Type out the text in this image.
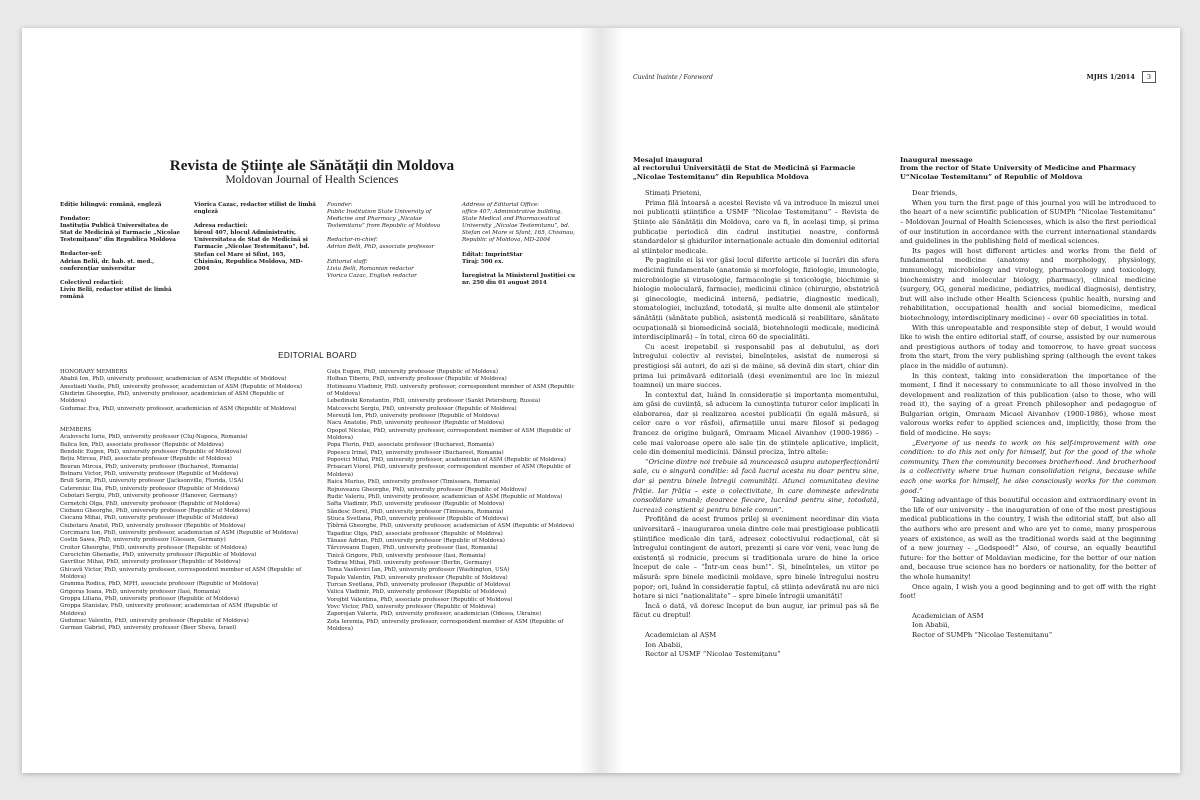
Revista de Științe ale Sănătății din Moldova
Moldovan Journal of Health Sciences

Ediție bilingvă: română, engleză

Fondator:
Instituția Publică Universitatea de Stat de Medicină și Farmacie „Nicolae Testemițanu” din Republica Moldova

Redactor-șef:
Adrian Belîi, dr. hab. șt. med., conferențiar universitar

Colectivul redacției:
Liviu Belîi, redactor stilist de limbă română

Viorica Cazac, redactor stilist de limbă engleză

Adresa redacției:
biroul 407, blocul Administrativ, Universitatea de Stat de Medicină și Farmacie „Nicolae Testemițanu”, bd. Ștefan cel Mare și Sfînt, 165, Chișinău, Republica Moldova, MD-2004

Founder:
Public Institution State University of Medicine and Pharmacy „Nicolae Testemitanu” from Republic of Moldova

Redactor-in-chief:
Adrian Belîi, PhD, associate professor

Editorial staff:
Liviu Belîi, Romanian redactor
Viorica Cazac, English redactor

Address of Editorial Office:
office 407; Administrative building, State Medical and Pharmaceutical University „Nicolae Testemitanu”, bd. Stefan cel Mare si Sfant, 165, Chisinau, Republic of Moldova, MD-2004

Editat: ImprintStar
Tiraj: 500 ex.

Înregistrat la Ministerul Justiției cu nr. 250 din 01 august 2014

EDITORIAL BOARD

HONORARY MEMBERS

Ababii Ion, PhD, university professor, academician of ASM (Republic of Moldova)

Anestiadi Vasile, PhD, university professor, academician of ASM (Republic of Moldova)

Ghidirim Gheorghe, PhD, university professor, academician of ASM (Republic of Moldova)

Gudumac Eva, PhD, university professor, academician of ASM (Republic of Moldova)

MEMBERS

Acalovschi Iurie, PhD, university professor (Cluj-Napoca, Romania)

Balica Ion, PhD, associate professor (Republic of Moldova)

Bendelic Eugen, PhD, university professor (Republic of Moldova)

Bețiu Mircea, PhD, associate professor (Republic of Moldova)

Beuran Mircea, PhD, university professor (Bucharest, Romania)

Botnaru Victor, PhD, university professor (Republic of Moldova)

Bruli Sorin, PhD, university professor (Jacksonville, Florida, USA)

Catereniuc Ilia, PhD, university professor (Republic of Moldova)

Cebotari Sergiu, PhD, university professor (Hanover, Germany)

Cernețchi Olga, PhD, university professor (Republic of Moldova)

Ciobanu Gheorghe, PhD, university professor (Republic of Moldova)

Ciocanu Mihai, PhD, university professor (Republic of Moldova)

Ciubotaru Anatol, PhD, university professor (Republic of Moldova)

Corcimaru Ion, PhD, university professor, academician of ASM (Republic of Moldova)

Costin Sawa, PhD, university professor (Giessen, Germany)

Croitor Gheorghe, PhD, university professor (Republic of Moldova)

Curocichin Ghenadie, PhD, university professor (Republic of Moldova)

Gavriliuc Mihai, PhD, university professor (Republic of Moldova)

Ghicavîi Victor, PhD, university professor, correspondent member of ASM (Republic of Moldova)

Gramma Rodica, PhD, MPH, associate professor (Republic of Moldova)

Grigoraș Ioana, PhD, university professor (Iasi, Romania)

Groppa Liliana, PhD, university professor (Republic of Moldova)

Groppa Stanislav, PhD, university professor, academician of ASM (Republic of Moldova)

Gudumac Valentin, PhD, university professor (Republic of Moldova)

Gurman Gabriel, PhD, university professor (Beer Sheva, Israel)

Guțu Eugen, PhD, university professor (Republic of Moldova)

Holban Tiberiu, PhD, university professor (Republic of Moldova)

Hotineanu Vladimir, PhD, university professor, correspondent member of ASM (Republic of Moldova)

Lebedinski Konstantin, PhD, university professor (Sankt Petersburg, Russia)

Matcovschi Sergiu, PhD, university professor (Republic of Moldova)

Mereuță Ion, PhD, university professor (Republic of Moldova)

Nacu Anatolie, PhD, university professor (Republic of Moldova)

Opopol Nicolae, PhD, university professor, correspondent member of ASM (Republic of Moldova)

Popa Florin, PhD, associate professor (Bucharest, Romania)

Popescu Irinel, PhD, university professor (Bucharest, Romania)

Popovici Mihai, PhD, university professor, academician of ASM (Republic of Moldova)

Prisacari Viorel, PhD, university professor, correspondent member of ASM (Republic of Moldova)

Raica Marius, PhD, university professor (Timisoara, Romania)

Rojnoveanu Gheorghe, PhD, university professor (Republic of Moldova)

Rudic Valeriu, PhD, university professor, academician of ASM (Republic of Moldova)

Safta Vladimir, PhD, university professor (Republic of Moldova)

Săndesc Dorel, PhD, university professor (Timisoara, Romania)

Știuca Svetlana, PhD, university professor (Republic of Moldova)

Țîbîrnă Gheorghe, PhD, university professor, academician of ASM (Republic of Moldova)

Tagadiuc Olga, PhD, associate professor (Republic of Moldova)

Tănase Adrian, PhD, university professor (Republic of Moldova)

Tărcoveanu Eugen, PhD, university professor (Iasi, Romania)

Tinică Grigore, PhD, university professor (Iasi, Romania)

Todiraș Mihai, PhD, university professor (Berlin, Germany)

Toma Vasilovici Ian, PhD, university professor (Washington, USA)

Topalo Valentin, PhD, university professor (Republic of Moldova)

Țurcan Svetlana, PhD, university professor (Republic of Moldova)

Valica Vladimir, PhD, university professor (Republic of Moldova)

Vorojbit Valentina, PhD, associate professor (Republic of Moldova)

Vovc Victor, PhD, university professor (Republic of Moldova)

Zaporojan Valeriu, PhD, university professor, academician (Odessa, Ukraine)

Zota Ieremia, PhD, university professor, correspondent member of ASM (Republic of Moldova)

Cuvânt înainte / Foreword	MJHS 1/2014	3
Mesajul inaugural
al rectorului Universității de Stat de Medicină și Farmacie
„Nicolae Testemițanu” din Republica Moldova

Stimați Prieteni,

Prima filă întoarsă a acestei Reviste vă va introduce în miezul unei noi publicații științifice a USMF “Nicolae Testemițanu” – Revista de Științe ale Sănătății din Moldova, care va fi, în același timp, și prima publicație periodică din cadrul instituției noastre, conformă standardelor și ghidurilor internaționale actuale din domeniul editorial al științelor medicale.

Pe paginile ei își vor găsi locul diferite articole și lucrări din sfera medicinii fundamentale (anatomie și morfologie, fiziologie, imunologie, microbiologie și virusologie, farmacologie și toxicologie, biochimie și biologie moleculară, farmacie), medicinii clinice (chirurgie, obstetrică și ginecologie, medicină internă, pediatrie, diagnostic medical), stomatologiei, incluzând, totodată, și multe alte domenii ale științelor sănătății (sănătate publică, asistență medicală și reabilitare, sănătate ocupațională și biomedicină socială, biotehnologii medicale, medicină interdisciplinară) – în total, circa 60 de specialități.

Cu acest irepetabil și responsabil pas al debutului, aș dori întregului colectiv al revistei, bineînțeles, asistat de numeroși și prestigioși săi autori, de azi și de mâine, să devină din start, chiar din prima lui primăvară editorială (deși evenimentul are loc în miezul toamnei) un mare succes.

În contextul dat, luând în considerație și importanța momentului, am găsi de cuviință, să aducem la cunoștința tuturor celor implicați în elaborarea, dar și realizarea acestei publicații (în egală măsură, și celor care o vor răsfoi), afirmațiile unui mare filosof și pedagog francez de origine bulgară, Omraam Micael Aivanhov (1900-1986) – cele mai valoroase opere ale sale țin de științele aplicative, implicit, cele din domeniul medicinii. Dânsul preciza, între altele:

“Oricine dintre noi trebuie să muncească asupra autoperfecționării sale, cu o singură condiție: să facă lucrul acesta nu doar pentru sine, dar și pentru binele întregii comunități. Atunci comunitatea devine frăție. Iar frăția – este o colectivitate, în care domnește adevărata consolidare umană; deoarece fiecare, lucrând pentru sine, totodată, lucrează conștient și pentru binele comun”.

Profitând de acest frumos prilej și eveniment neordinar din viața universitară – inaugurarea uneia dintre cele mai prestigioase publicații științifice medicale din țară, adresez colectivului redacțional, cât și întregului contingent de autori, prezenți și care vor veni, veac lung de existență și rodnicie, precum și tradiționala urare de bine la orice început de cale – “Într-un ceas bun!”. Și, bineînțeles, un viitor pe măsură: spre binele medicinii moldave, spre binele întregului nostru popor; ori, luând în considerație faptul, că știința adevărată nu are nici hotare și nici “naționalitate” – spre binele întregii umanități!

Încă o dată, vă doresc început de bun augur, iar primul pas să fie făcut cu dreptul!

Academician al AȘM
Ion Ababii,
Rector al USMF “Nicolae Testemițanu”
Inaugural message
from the rector of State University of Medicine and Pharmacy
U“Nicolae Testemitanu” of Republic of Moldova

Dear friends,

When you turn the first page of this journal you will be introduced to the heart of a new scientific publication of SUMPh “Nicolae Testemitanu” – Moldovan Journal of Health Scienceses, which is also the first periodical of our institution in accordance with the current international standards and guidelines in the publishing field of medical sciences.

Its pages will host different articles and works from the field of fundamental medicine (anatomy and morphology, physiology, immunology, microbiology and virology, pharmacology and toxicology, biochemistry and molecular biology, pharmacy), clinical medicine (surgery, OG, general medicine, pediatrics, medical diagnosis), dentistry, but will also include other Health Sciencess (public health, nursing and rehabilitation, occupational health and social biomedicine, medical biotechnology, interdisciplinary medicine) – over 60 specialities in total.

With this unrepeatable and responsible step of debut, I would would like to wish the entire editorial staff, of course, assisted by our numerous and prestigious authors of today and tomorrow, to have great success from the start, from the very publishing spring (although the event takes place in the middle of autumn).

In this context, taking into consideration the importance of the moment, I find it necessary to communicate to all those involved in the development and realization of this publication (also to those, who will read it), the saying of a great French philosopher and pedagogue of Bulgarian origin, Omraam Micael Aivanhov (1900-1986), whose most valorous works refer to applied sciences and, implicitly, those from the field of medicine. He says:

„Everyone of us needs to work on his self-improvement with one condition: to do this not only for himself, but for the good of the whole community. Then the community becomes brotherhood. And brotherhood is a collectivity where true human consolidation reigns, because while each one works for himself, he also consciously works for the common good.”

Taking advantage of this beautiful occasion and extraordinary event in the life of our university – the inauguration of one of the most prestigious medical publications in the country, I wish the editorial staff, but also all the authors who are present and who are yet to come, many prosperous years of existence, as well as the traditional words said at the beginning of a new journey – „Godspeed!” Also, of course, an equally beautiful future: for the better of Moldavian medicine, for the better of our nation and, because true science has no borders or nationality, for the better of the whole humanity!

Once again, I wish you a good beginning and to get off with the right foot!

Academician of ASM
Ion Ababii,
Rector of SUMPh “Nicolae Testemitanu”
